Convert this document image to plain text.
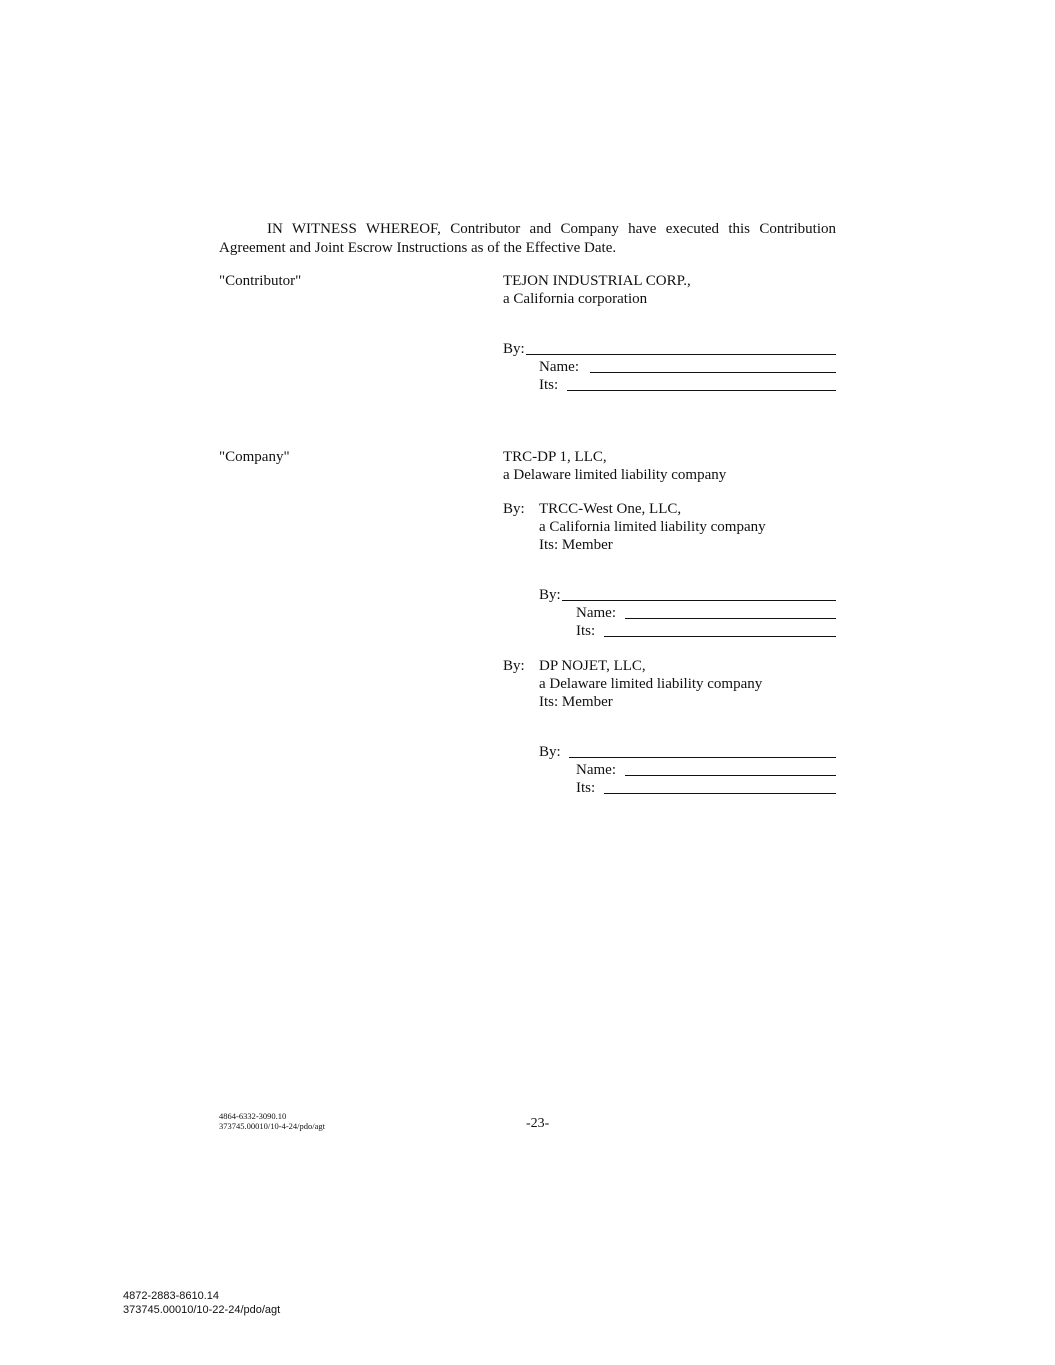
IN WITNESS WHEREOF, Contributor and Company have executed this Contribution Agreement and Joint Escrow Instructions as of the Effective Date.
"Contributor"	TEJON INDUSTRIAL CORP.,
a California corporation
By:
Name:
Its:
"Company"	TRC-DP 1, LLC,
a Delaware limited liability company
By: TRCC-West One, LLC,
a California limited liability company
Its: Member
By:
Name:
Its:
By: DP NOJET, LLC,
a Delaware limited liability company
Its: Member
By:
Name:
Its:
4864-6332-3090.10
373745.00010/10-4-24/pdo/agt	-23-
4872-2883-8610.14
373745.00010/10-22-24/pdo/agt
